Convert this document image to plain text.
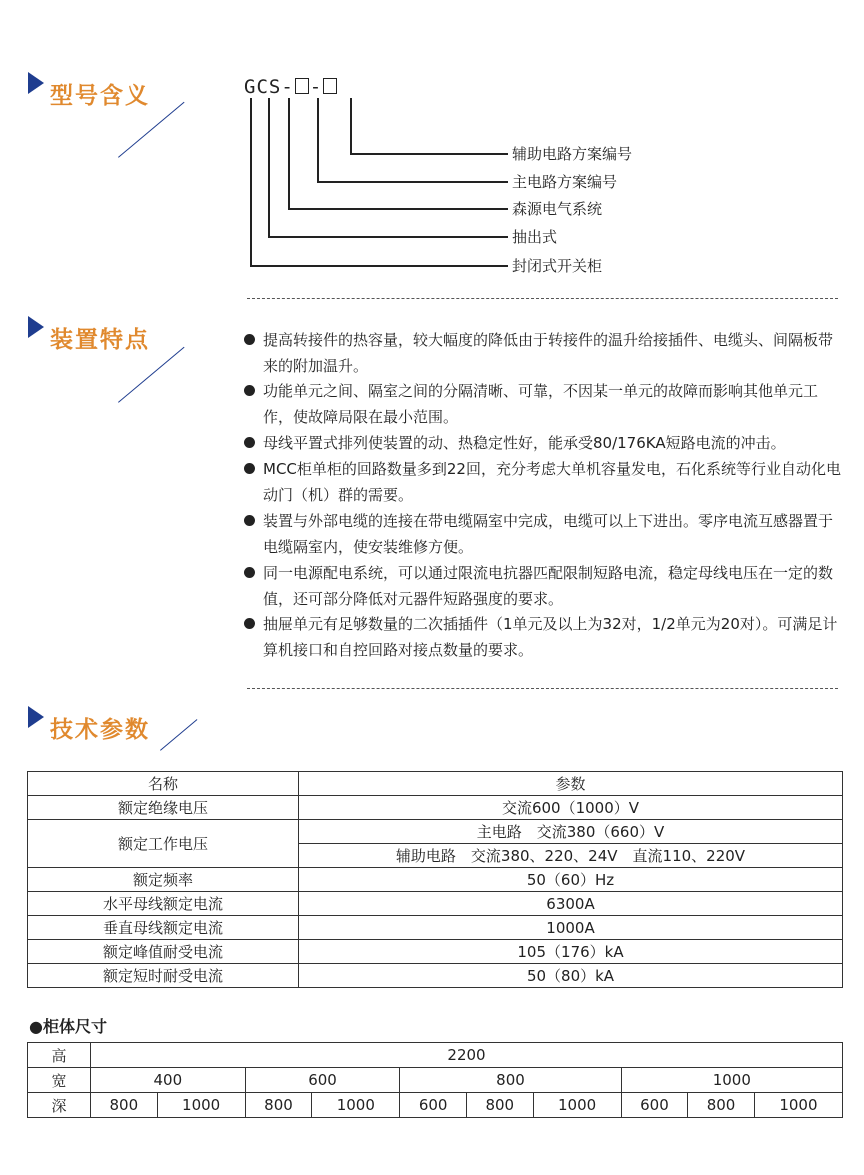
型号含义	GCS- -
辅助电路方案编号
主电路方案编号
森源电气系统
抽出式
封闭式开关柜
装置特点	提高转接件的热容量，较大幅度的降低由于转接件的温升给接插件、电缆头、间隔板带来的附加温升。
功能单元之间、隔室之间的分隔清晰、可靠，不因某一单元的故障而影响其他单元工作，使故障局限在最小范围。
母线平置式排列使装置的动、热稳定性好，能承受80/176KA短路电流的冲击。
MCC柜单柜的回路数量多到22回，充分考虑大单机容量发电，石化系统等行业自动化电动门（机）群的需要。
装置与外部电缆的连接在带电缆隔室中完成，电缆可以上下进出。零序电流互感器置于电缆隔室内，使安装维修方便。
同一电源配电系统，可以通过限流电抗器匹配限制短路电流，稳定母线电压在一定的数值，还可部分降低对元器件短路强度的要求。
抽屉单元有足够数量的二次插插件（1单元及以上为32对，1/2单元为20对）。可满足计算机接口和自控回路对接点数量的要求。
技术参数
名称	参数
额定绝缘电压	交流600（1000）V
额定工作电压	主电路　交流380（660）V
	辅助电路　交流380、220、24V　直流110、220V
额定频率	50（60）Hz
水平母线额定电流	6300A
垂直母线额定电流	1000A
额定峰值耐受电流	105（176）kA
额定短时耐受电流	50（80）kA
●柜体尺寸
高	2200									
宽	400		600		800			1000		
深	800	1000	800	1000	600	800	1000	600	800	1000
